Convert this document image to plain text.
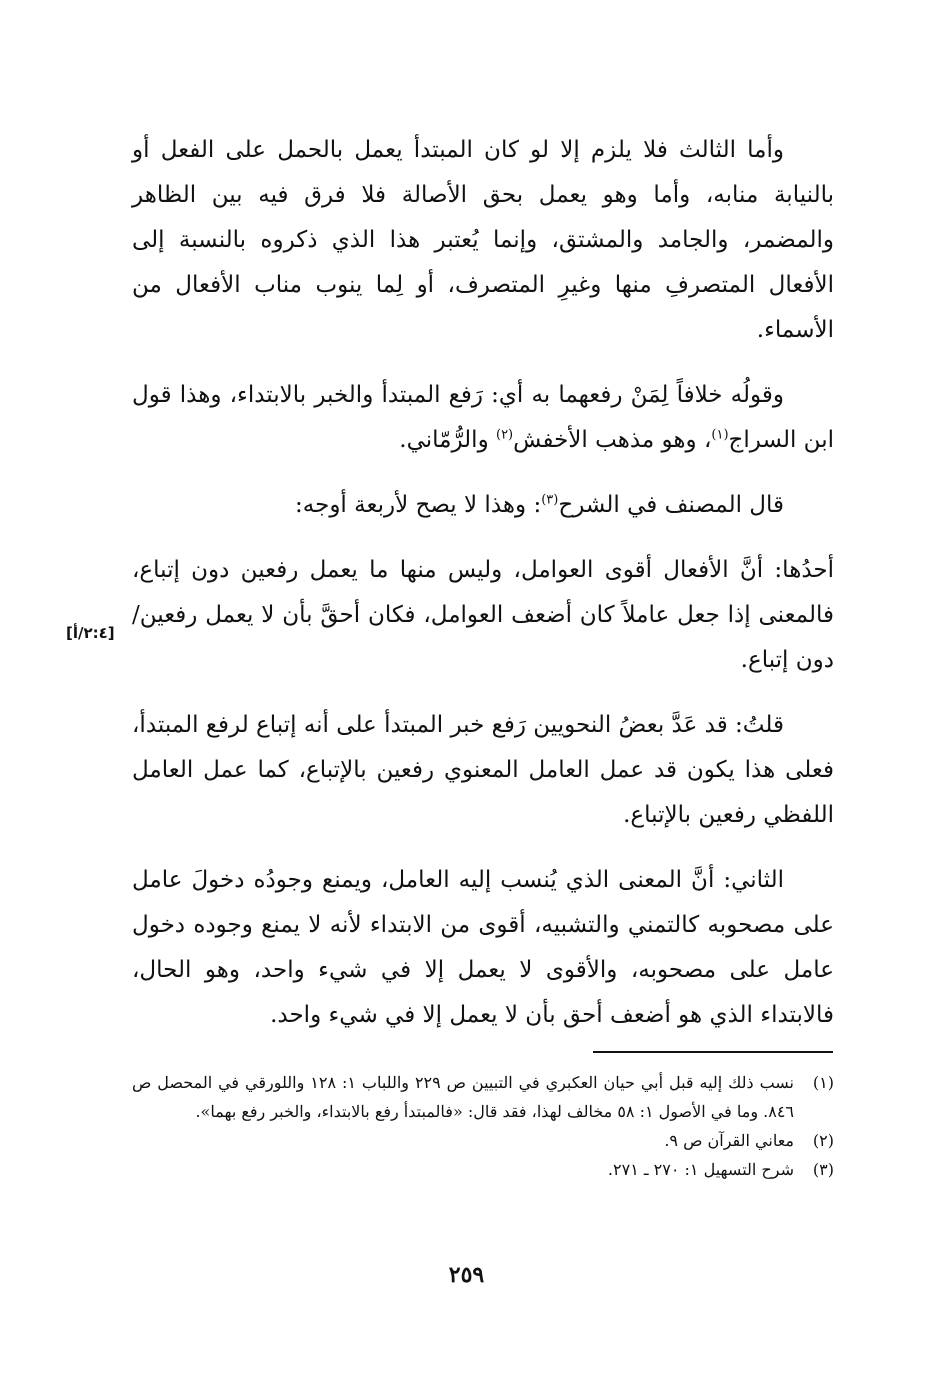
وأما الثالث فلا يلزم إلا لو كان المبتدأ يعمل بالحمل على الفعل أو بالنيابة منابه، وأما وهو يعمل بحق الأصالة فلا فرق فيه بين الظاهر والمضمر، والجامد والمشتق، وإنما يُعتبر هذا الذي ذكروه بالنسبة إلى الأفعال المتصرفِ منها وغيرِ المتصرف، أو لِما ينوب مناب الأفعال من الأسماء.

وقولُه خلافاً لِمَنْ رفعهما به أي: رَفع المبتدأ والخبر بالابتداء، وهذا قول ابن السراج$^{(١)}$، وهو مذهب الأخفش$^{(٢)}$ والرُّمّاني.

قال المصنف في الشرح$^{(٣)}$: وهذا لا يصح لأربعة أوجه:

أحدُها: أنَّ الأفعال أقوى العوامل، وليس منها ما يعمل رفعين دون إتباع، فالمعنى إذا جعل عاملاً كان أضعف العوامل، فكان أحقَّ بأن لا يعمل رفعين/ دون إتباع.

قلتُ: قد عَدَّ بعضُ النحويين رَفع خبر المبتدأ على أنه إتباع لرفع المبتدأ، فعلى هذا يكون قد عمل العامل المعنوي رفعين بالإتباع، كما عمل العامل اللفظي رفعين بالإتباع.

الثاني: أنَّ المعنى الذي يُنسب إليه العامل، ويمنع وجودُه دخولَ عامل على مصحوبه كالتمني والتشبيه، أقوى من الابتداء لأنه لا يمنع وجوده دخول عامل على مصحوبه، والأقوى لا يعمل إلا في شيء واحد، وهو الحال، فالابتداء الذي هو أضعف أحق بأن لا يعمل إلا في شيء واحد.

[٢:٤/أ]
(١)
نسب ذلك إليه قبل أبي حيان العكبري في التبيين ص ٢٢٩ واللباب ١: ١٢٨ واللورقي في المحصل ص ٨٤٦. وما في الأصول ١: ٥٨ مخالف لهذا، فقد قال: «فالمبتدأ رفع بالابتداء، والخبر رفع بهما».
(٢)
معاني القرآن ص ٩.
(٣)
شرح التسهيل ١: ٢٧٠ ـ ٢٧١.
٢٥٩
